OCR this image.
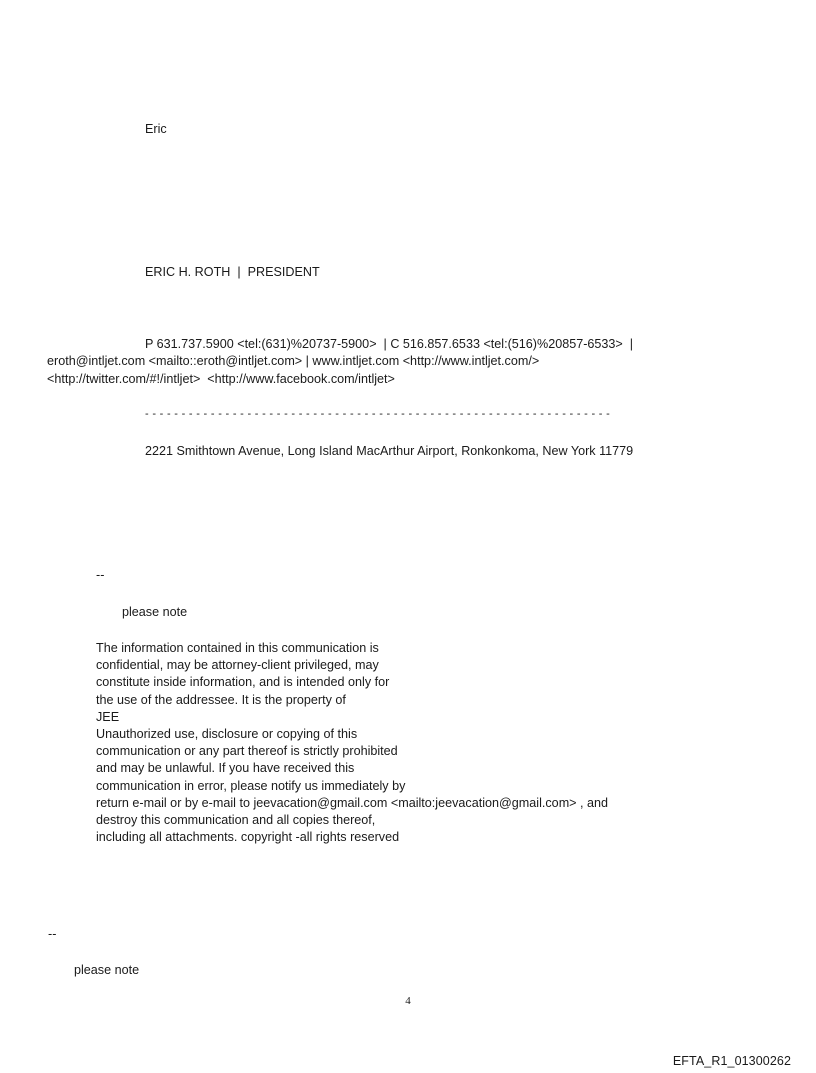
Eric

ERIC H. ROTH  |  PRESIDENT

P 631.737.5900 <tel:(631)%20737-5900>  | C 516.857.6533 <tel:(516)%20857-6533>  |

eroth@intljet.com <mailto::eroth@intljet.com> | www.intljet.com <http://www.intljet.com/>

<http://twitter.com/#!/intljet>  <http://www.facebook.com/intljet>

- - - - - - - - - - - - - - - - - - - - - - - - - - - - - - - - - - - - - - - - - - - - - - - - - - - - - - - - - - - - - - - -

2221 Smithtown Avenue, Long Island MacArthur Airport, Ronkonkoma, New York 11779

--

please note

The information contained in this communication is
confidential, may be attorney-client privileged, may
constitute inside information, and is intended only for
the use of the addressee. It is the property of
JEE
Unauthorized use, disclosure or copying of this
communication or any part thereof is strictly prohibited
and may be unlawful. If you have received this
communication in error, please notify us immediately by
return e-mail or by e-mail to jeevacation@gmail.com <mailto:jeevacation@gmail.com> , and
destroy this communication and all copies thereof,
including all attachments. copyright -all rights reserved

--

please note

4
EFTA_R1_01300262
